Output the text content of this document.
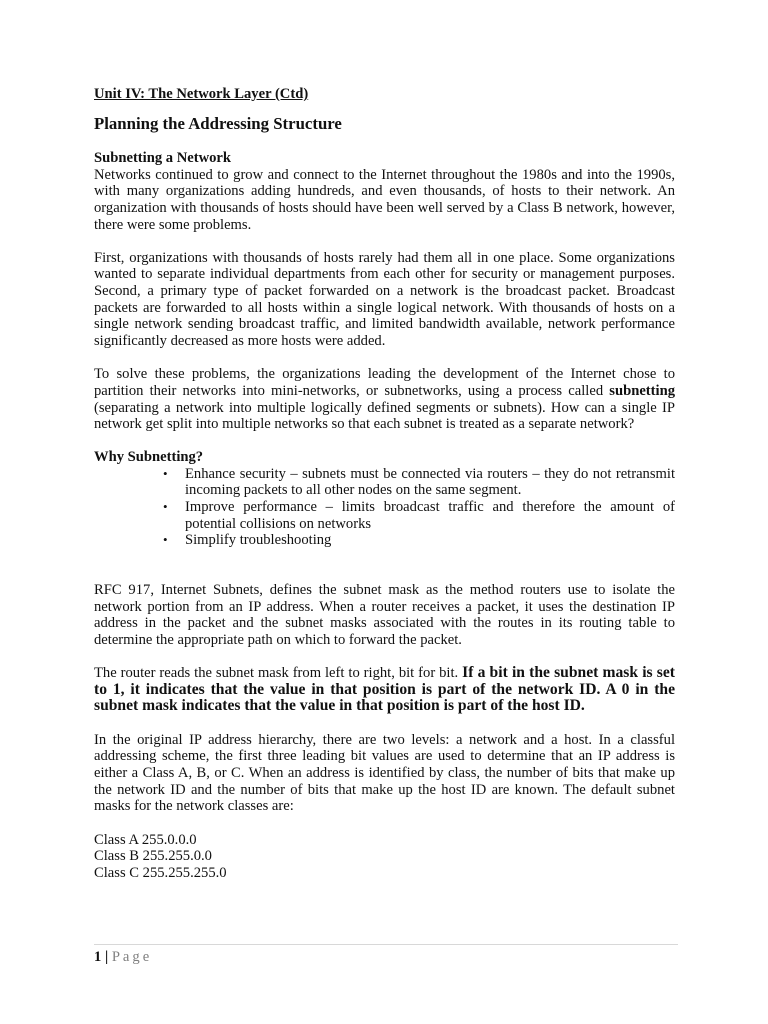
Unit IV: The Network Layer (Ctd)
Planning the Addressing Structure
Subnetting a Network

Networks continued to grow and connect to the Internet throughout the 1980s and into the 1990s, with many organizations adding hundreds, and even thousands, of hosts to their network. An organization with thousands of hosts should have been well served by a Class B network, however, there were some problems.

First, organizations with thousands of hosts rarely had them all in one place. Some organizations wanted to separate individual departments from each other for security or management purposes. Second, a primary type of packet forwarded on a network is the broadcast packet. Broadcast packets are forwarded to all hosts within a single logical network. With thousands of hosts on a single network sending broadcast traffic, and limited bandwidth available, network performance significantly decreased as more hosts were added.

To solve these problems, the organizations leading the development of the Internet chose to partition their networks into mini-networks, or subnetworks, using a process called subnetting (separating a network into multiple logically defined segments or subnets). How can a single IP network get split into multiple networks so that each subnet is treated as a separate network?

Why Subnetting?
• Enhance security – subnets must be connected via routers – they do not retransmit incoming packets to all other nodes on the same segment.
• Improve performance – limits broadcast traffic and therefore the amount of potential collisions on networks
• Simplify troubleshooting

RFC 917, Internet Subnets, defines the subnet mask as the method routers use to isolate the network portion from an IP address. When a router receives a packet, it uses the destination IP address in the packet and the subnet masks associated with the routes in its routing table to determine the appropriate path on which to forward the packet.

The router reads the subnet mask from left to right, bit for bit. If a bit in the subnet mask is set to 1, it indicates that the value in that position is part of the network ID. A 0 in the subnet mask indicates that the value in that position is part of the host ID.

In the original IP address hierarchy, there are two levels: a network and a host. In a classful addressing scheme, the first three leading bit values are used to determine that an IP address is either a Class A, B, or C. When an address is identified by class, the number of bits that make up the network ID and the number of bits that make up the host ID are known. The default subnet masks for the network classes are:

Class A 255.0.0.0
Class B 255.255.0.0
Class C 255.255.255.0
1 | Page
